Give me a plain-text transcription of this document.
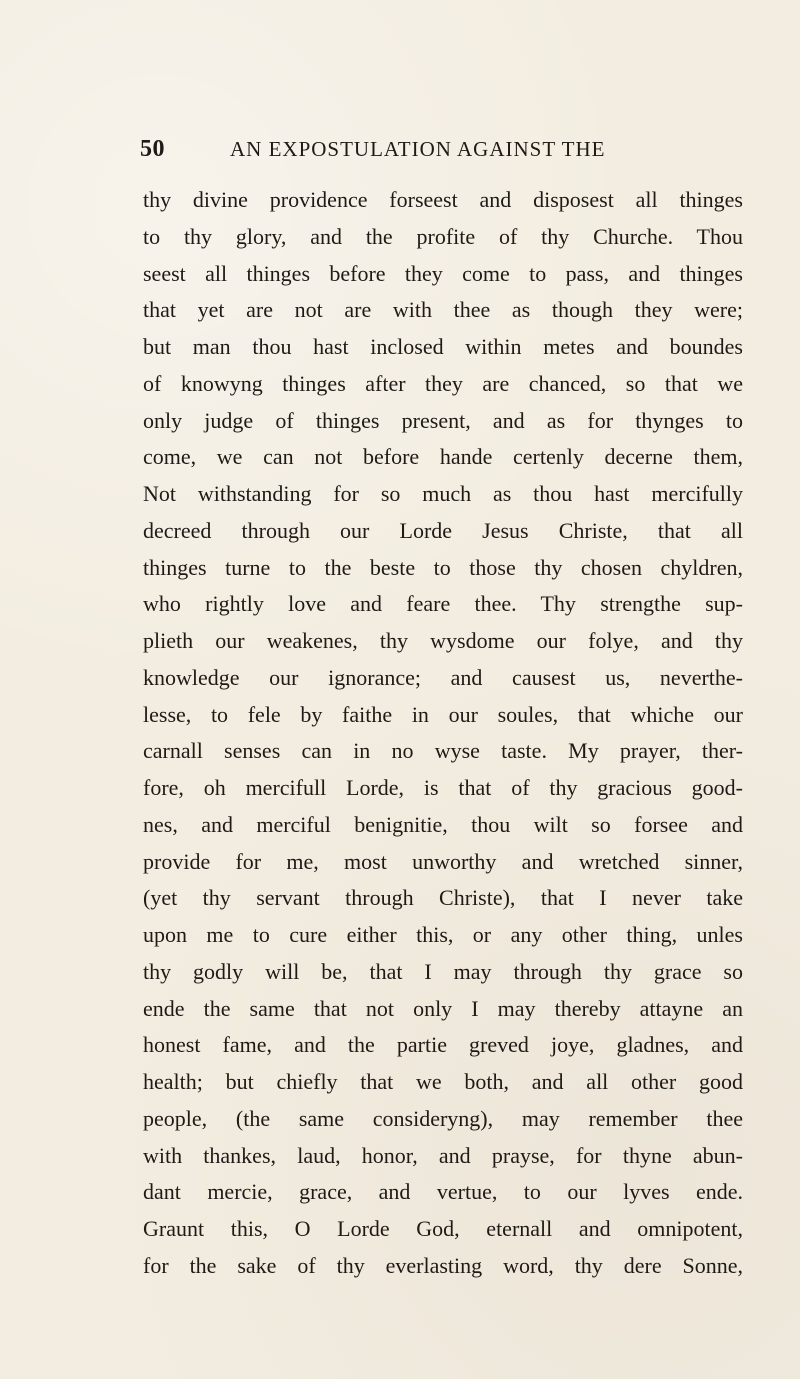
50	AN EXPOSTULATION AGAINST THE
thy divine providence forseest and disposest all thinges
to thy glory, and the profite of thy Churche. Thou
seest all thinges before they come to pass, and thinges
that yet are not are with thee as though they were;
but man thou hast inclosed within metes and boundes
of knowyng thinges after they are chanced, so that we
only judge of thinges present, and as for thynges to
come, we can not before hande certenly decerne them,
Not withstanding for so much as thou hast mercifully
decreed through our Lorde Jesus Christe, that all
thinges turne to the beste to those thy chosen chyldren,
who rightly love and feare thee. Thy strengthe sup-
plieth our weakenes, thy wysdome our folye, and thy
knowledge our ignorance; and causest us, neverthe-
lesse, to fele by faithe in our soules, that whiche our
carnall senses can in no wyse taste. My prayer, ther-
fore, oh mercifull Lorde, is that of thy gracious good-
nes, and merciful benignitie, thou wilt so forsee and
provide for me, most unworthy and wretched sinner,
(yet thy servant through Christe), that I never take
upon me to cure either this, or any other thing, unles
thy godly will be, that I may through thy grace so
ende the same that not only I may thereby attayne an
honest fame, and the partie greved joye, gladnes, and
health; but chiefly that we both, and all other good
people, (the same consideryng), may remember thee
with thankes, laud, honor, and prayse, for thyne abun-
dant mercie, grace, and vertue, to our lyves ende.
Graunt this, O Lorde God, eternall and omnipotent,
for the sake of thy everlasting word, thy dere Sonne,
